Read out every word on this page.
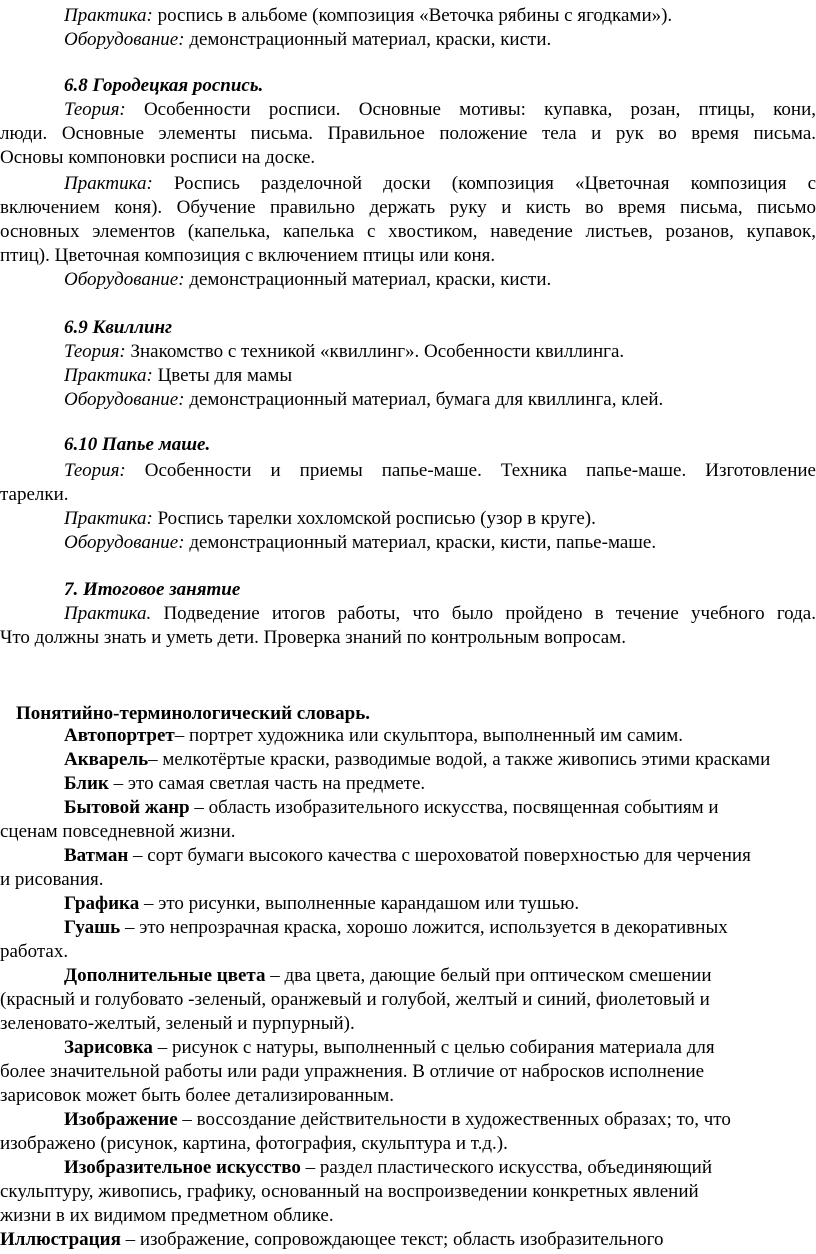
Практика: роспись в альбоме (композиция «Веточка рябины с ягодками»).
Оборудование: демонстрационный материал, краски, кисти.
6.8 Городецкая роспись.
Теория: Особенности росписи. Основные мотивы: купавка, розан, птицы, кони,
люди. Основные элементы письма. Правильное положение тела и рук во время письма.
Основы компоновки росписи на доске.
Практика: Роспись разделочной доски (композиция «Цветочная композиция с
включением коня). Обучение правильно держать руку и кисть во время письма, письмо
основных элементов (капелька, капелька с хвостиком, наведение листьев, розанов, купавок,
птиц). Цветочная композиция с включением птицы или коня.
Оборудование: демонстрационный материал, краски, кисти.
6.9 Квиллинг
Теория: Знакомство с техникой «квиллинг». Особенности квиллинга.
Практика: Цветы для мамы
Оборудование: демонстрационный материал, бумага для квиллинга, клей.
6.10 Папье маше.
Теория: Особенности и приемы папье-маше. Техника папье-маше. Изготовление
тарелки.
Практика: Роспись тарелки хохломской росписью (узор в круге).
Оборудование: демонстрационный материал, краски, кисти, папье-маше.
7. Итоговое занятие
Практика. Подведение итогов работы, что было пройдено в течение учебного года.
Что должны знать и уметь дети. Проверка знаний по контрольным вопросам.
Понятийно-терминологический словарь.
Автопортрет– портрет художника или скульптора, выполненный им самим.
Акварель– мелкотёртые краски, разводимые водой, а также живопись этими красками
Блик – это самая светлая часть на предмете.
Бытовой жанр – область изобразительного искусства, посвященная событиям и
сценам повседневной жизни.
Ватман – сорт бумаги высокого качества с шероховатой поверхностью для черчения
и рисования.
Графика – это рисунки, выполненные карандашом или тушью.
Гуашь – это непрозрачная краска, хорошо ложится, используется в декоративных
работах.
Дополнительные цвета – два цвета, дающие белый при оптическом смешении
(красный и голубовато -зеленый, оранжевый и голубой, желтый и синий, фиолетовый и
зеленовато-желтый, зеленый и пурпурный).
Зарисовка – рисунок с натуры, выполненный с целью собирания материала для
более значительной работы или ради упражнения. В отличие от набросков исполнение
зарисовок может быть более детализированным.
Изображение – воссоздание действительности в художественных образах; то, что
изображено (рисунок, картина, фотография, скульптура и т.д.).
Изобразительное искусство – раздел пластического искусства, объединяющий
скульптуру, живопись, графику, основанный на воспроизведении конкретных явлений
жизни в их видимом предметном облике.
Иллюстрация – изображение, сопровождающее текст; область изобразительного
